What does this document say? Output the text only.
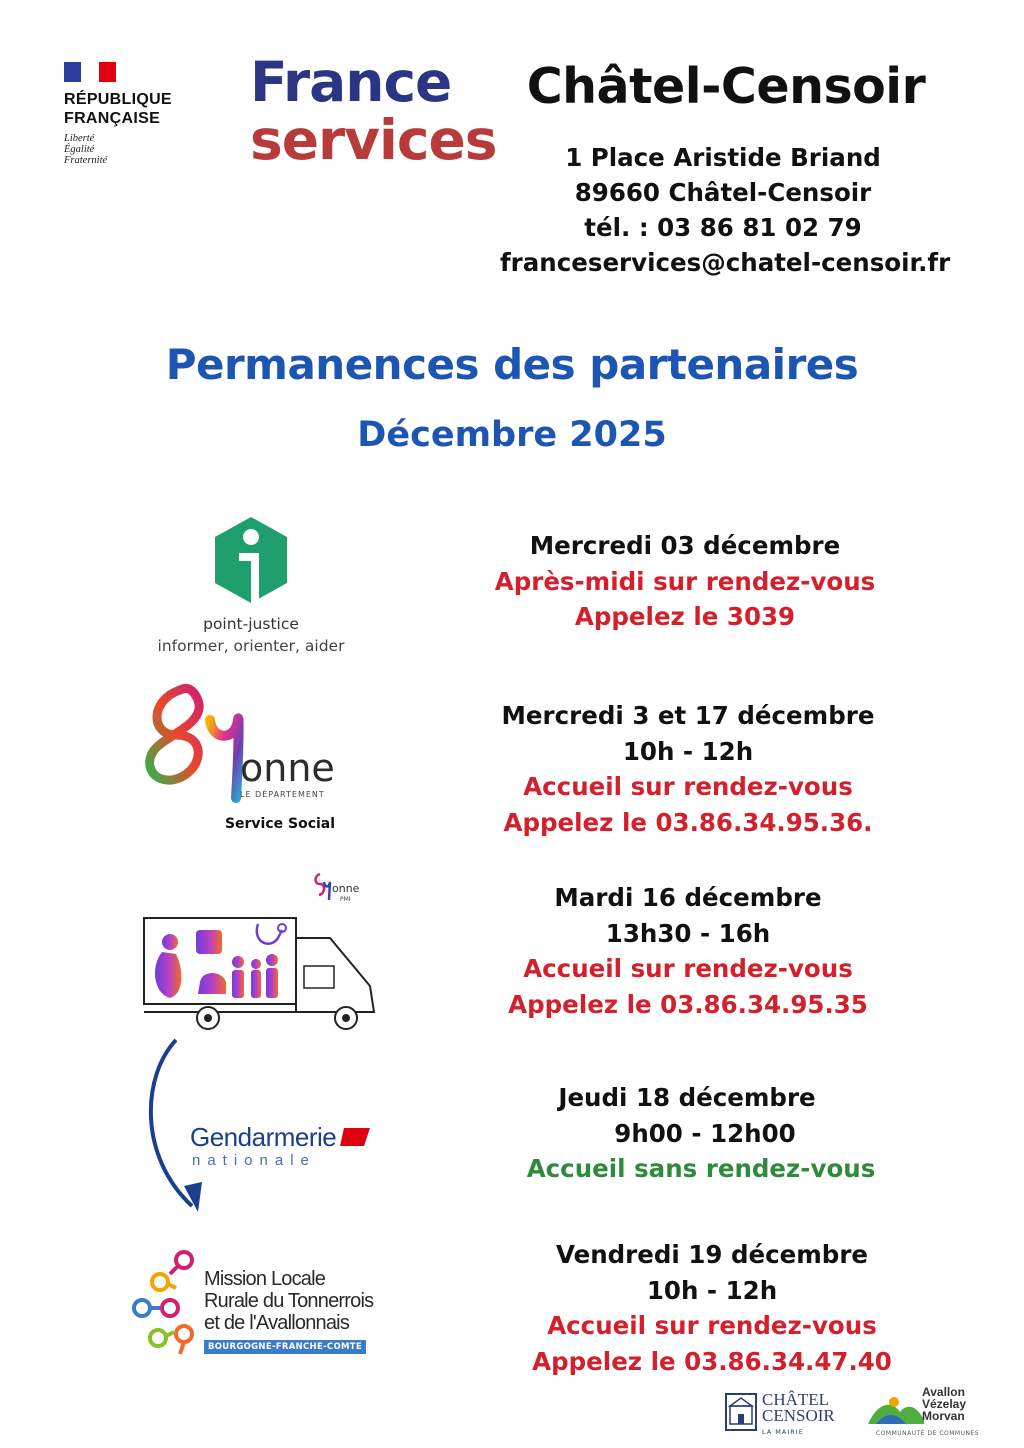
RÉPUBLIQUE
FRANÇAISE
Liberté
Égalité
Fraternité
France
services
Châtel-Censoir
1 Place Aristide Briand
89660 Châtel-Censoir
tél. : 03 86 81 02 79
franceservices@chatel-censoir.fr
Permanences des partenaires
Décembre 2025
point-justice
informer, orienter, aider
Mercredi 03 décembre
Après-midi sur rendez-vous
Appelez le 3039
onne
LE DÉPARTEMENT
Service Social
Mercredi 3 et 17 décembre
10h - 12h
Accueil sur rendez-vous
Appelez le 03.86.34.95.36.
onne
PMI	Mardi 16 décembre
13h30 - 16h
Accueil sur rendez-vous
Appelez le 03.86.34.95.35
Gendarmerie
nationale
Jeudi 18 décembre
9h00 - 12h00
Accueil sans rendez-vous
Mission Locale
Rurale du Tonnerrois
et de l'Avallonnais
BOURGOGNE-FRANCHE-COMTE
Vendredi 19 décembre
10h - 12h
Accueil sur rendez-vous
Appelez le 03.86.34.47.40
CHÂTEL
CENSOIR
LA MAIRIE
Avallon
Vézelay
Morvan
COMMUNAUTÉ DE COMMUNES
